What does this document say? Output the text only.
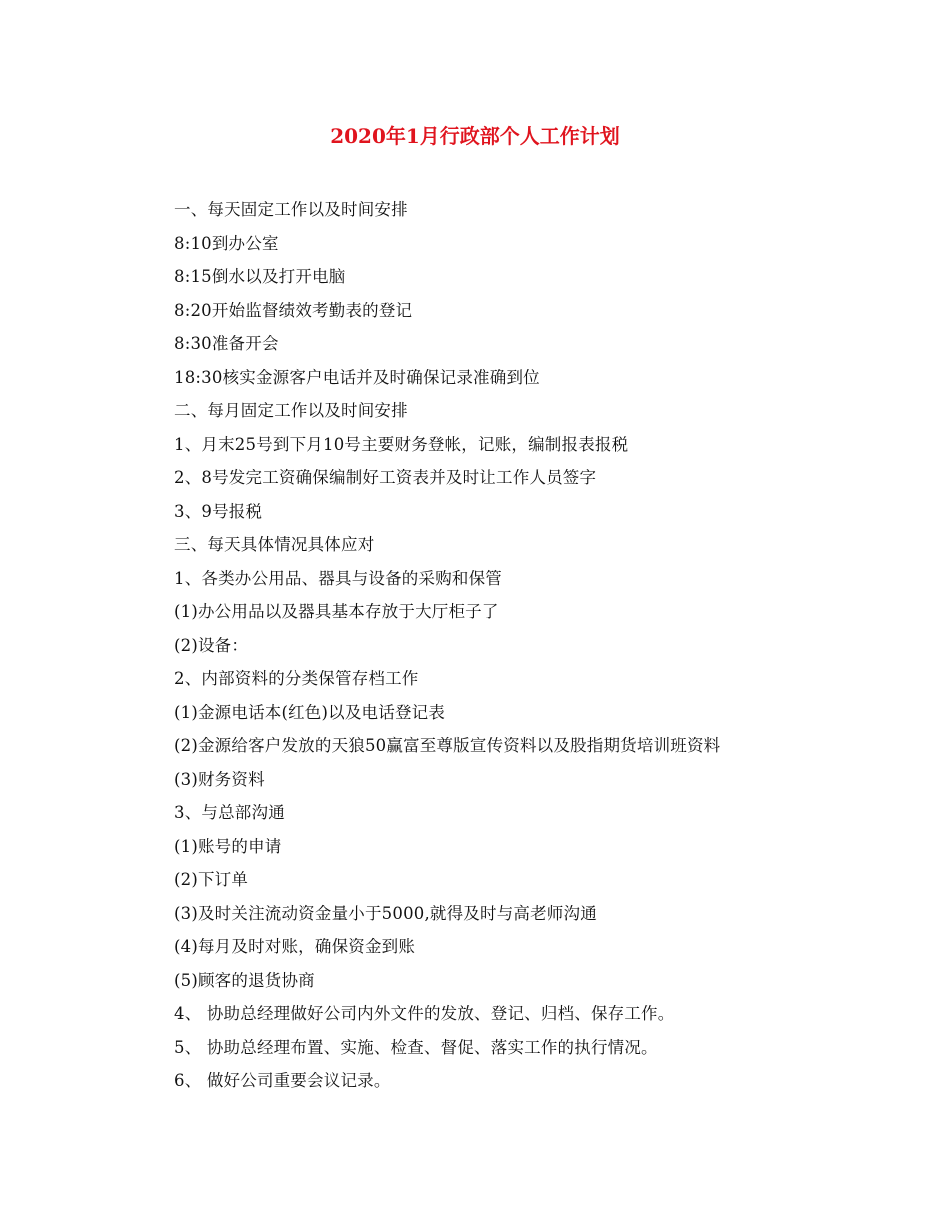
2020年1月行政部个人工作计划
一、每天固定工作以及时间安排
8:10到办公室
8:15倒水以及打开电脑
8:20开始监督绩效考勤表的登记
8:30准备开会
18:30核实金源客户电话并及时确保记录准确到位
二、每月固定工作以及时间安排
1、月末25号到下月10号主要财务登帐，记账，编制报表报税
2、8号发完工资确保编制好工资表并及时让工作人员签字
3、9号报税
三、每天具体情况具体应对
1、各类办公用品、器具与设备的采购和保管
(1)办公用品以及器具基本存放于大厅柜子了
(2)设备：
2、内部资料的分类保管存档工作
(1)金源电话本(红色)以及电话登记表
(2)金源给客户发放的天狼50赢富至尊版宣传资料以及股指期货培训班资料
(3)财务资料
3、与总部沟通
(1)账号的申请
(2)下订单
(3)及时关注流动资金量小于5000,就得及时与高老师沟通
(4)每月及时对账，确保资金到账
(5)顾客的退货协商
4、 协助总经理做好公司内外文件的发放、登记、归档、保存工作。
5、 协助总经理布置、实施、检查、督促、落实工作的执行情况。
6、 做好公司重要会议记录。
